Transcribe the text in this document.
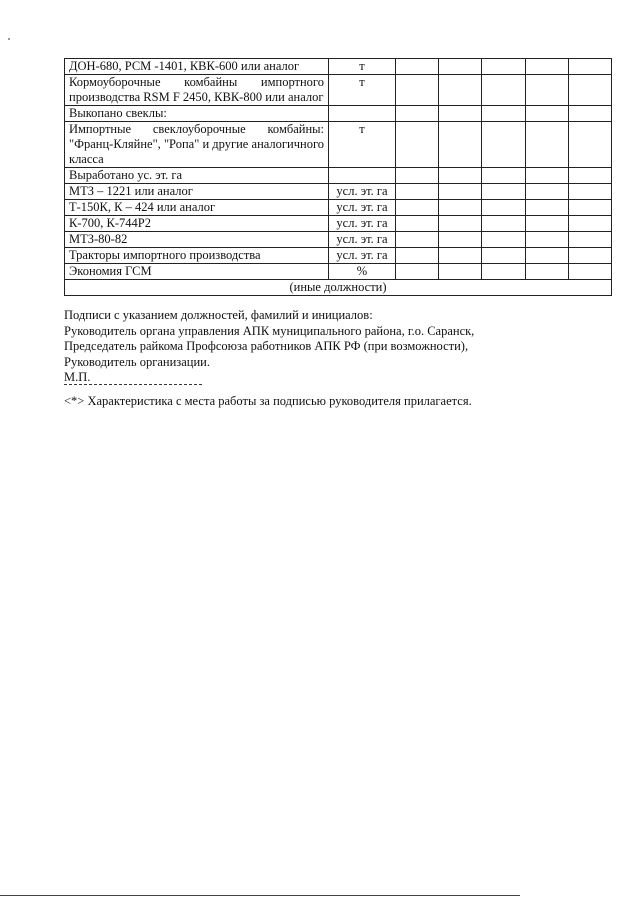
ДОН-680, РСМ -1401, КВК-600 или аналог	т					
Кормоуборочные комбайны импортного производства RSM F 2450, КВК-800 или аналог	т					
Выкопано свеклы:						
Импортные свеклоуборочные комбайны: "Франц-Кляйне", "Ропа" и другие аналогичного класса	т					
Выработано ус. эт. га						
МТЗ – 1221 или аналог	усл. эт. га					
Т-150К, К – 424 или аналог	усл. эт. га					
К-700, К-744Р2	усл. эт. га					
МТЗ-80-82	усл. эт. га					
Тракторы импортного производства	усл. эт. га					
Экономия ГСМ	%					
(иные должности)						

Подписи с указанием должностей, фамилий и инициалов:

Руководитель органа управления АПК муниципального района, г.о. Саранск,

Председатель райкома Профсоюза работников АПК РФ (при возможности),

Руководитель организации.

М.П.

<*> Характеристика с места работы за подписью руководителя прилагается.
